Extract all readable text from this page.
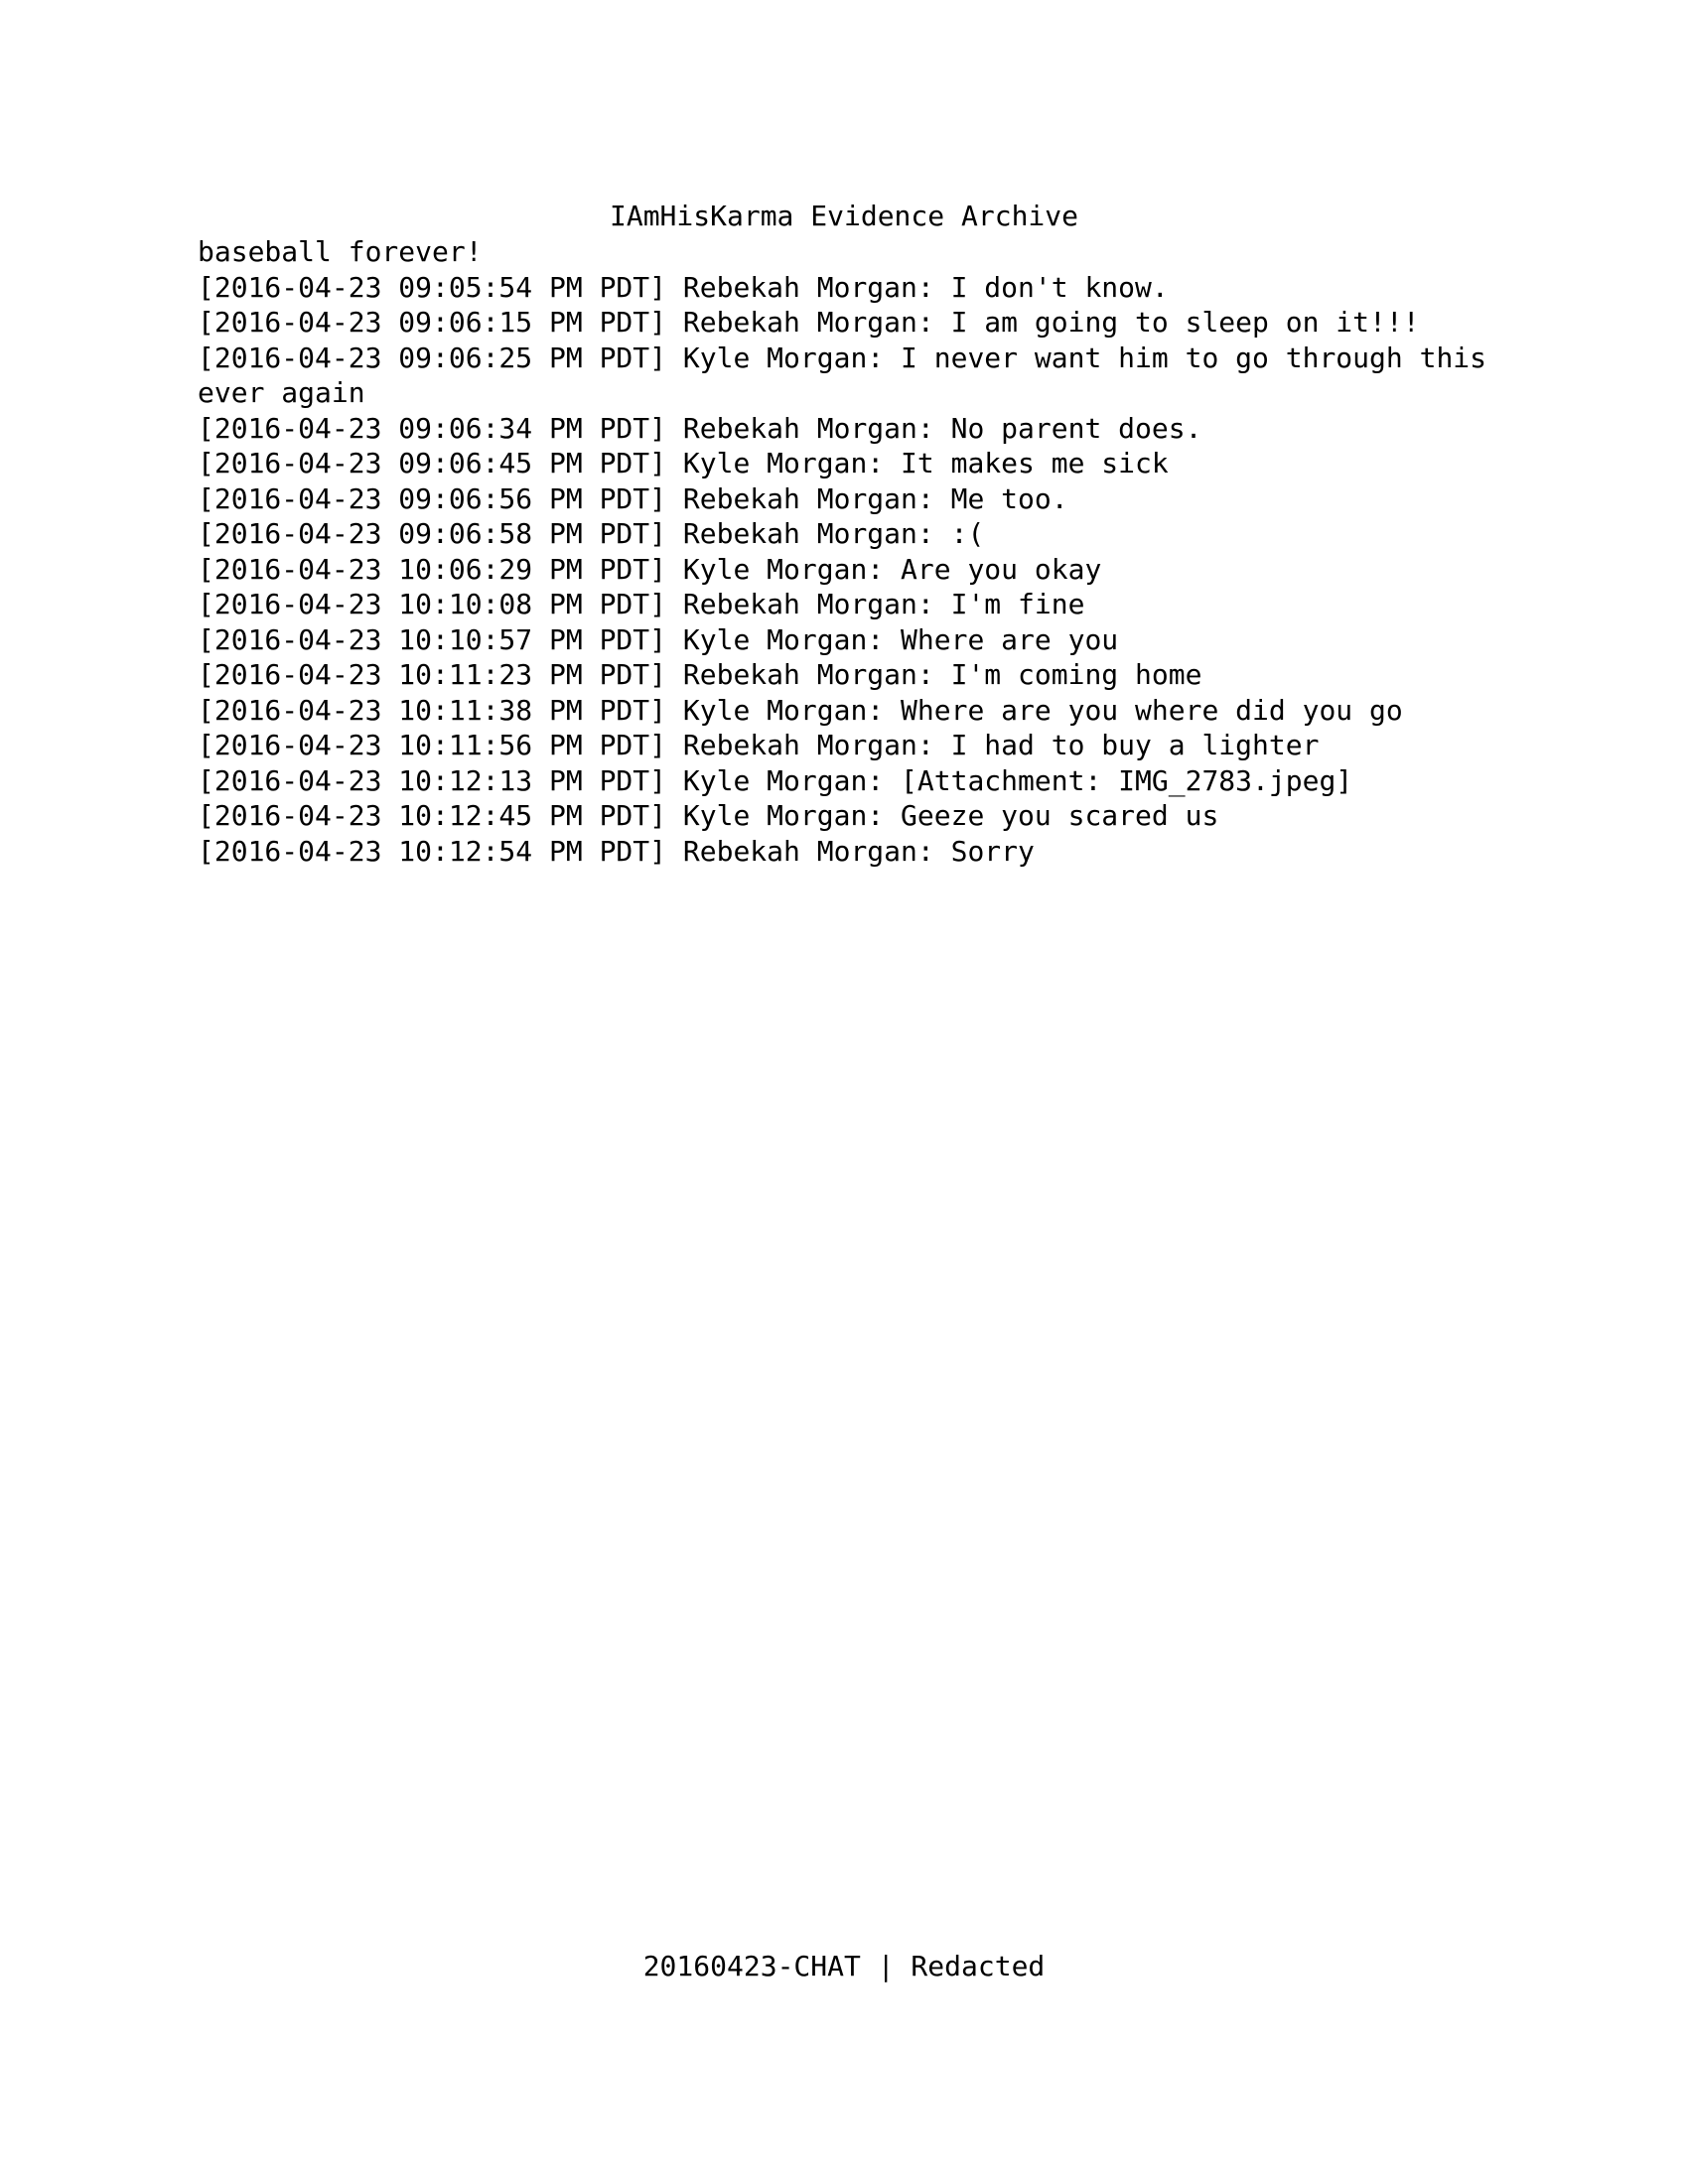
IAmHisKarma Evidence Archive
baseball forever!
[2016-04-23 09:05:54 PM PDT] Rebekah Morgan: I don't know.
[2016-04-23 09:06:15 PM PDT] Rebekah Morgan: I am going to sleep on it!!!
[2016-04-23 09:06:25 PM PDT] Kyle Morgan: I never want him to go through this ever again
[2016-04-23 09:06:34 PM PDT] Rebekah Morgan: No parent does.
[2016-04-23 09:06:45 PM PDT] Kyle Morgan: It makes me sick
[2016-04-23 09:06:56 PM PDT] Rebekah Morgan: Me too.
[2016-04-23 09:06:58 PM PDT] Rebekah Morgan: :(
[2016-04-23 10:06:29 PM PDT] Kyle Morgan: Are you okay
[2016-04-23 10:10:08 PM PDT] Rebekah Morgan: I'm fine
[2016-04-23 10:10:57 PM PDT] Kyle Morgan: Where are you
[2016-04-23 10:11:23 PM PDT] Rebekah Morgan: I'm coming home
[2016-04-23 10:11:38 PM PDT] Kyle Morgan: Where are you where did you go
[2016-04-23 10:11:56 PM PDT] Rebekah Morgan: I had to buy a lighter
[2016-04-23 10:12:13 PM PDT] Kyle Morgan: [Attachment: IMG_2783.jpeg]
[2016-04-23 10:12:45 PM PDT] Kyle Morgan: Geeze you scared us
[2016-04-23 10:12:54 PM PDT] Rebekah Morgan: Sorry
20160423-CHAT | Redacted
